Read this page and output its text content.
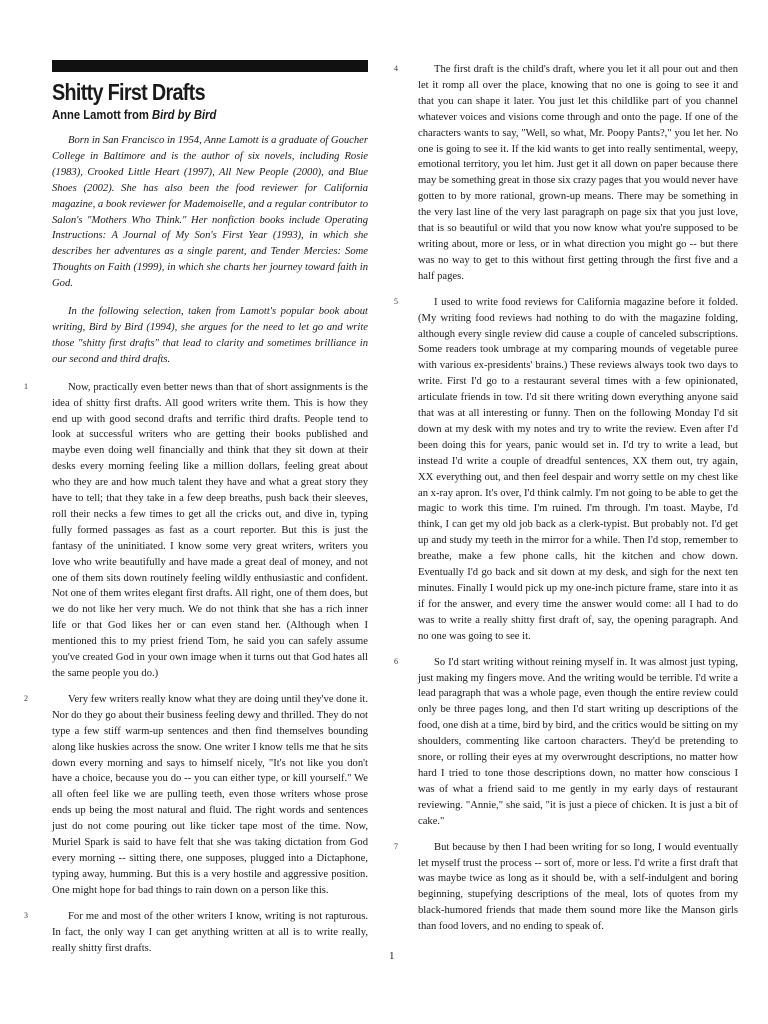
Shitty First Drafts
Anne Lamott from Bird by Bird

Born in San Francisco in 1954, Anne Lamott is a graduate of Goucher College in Baltimore and is the author of six novels, including Rosie (1983), Crooked Little Heart (1997), All New People (2000), and Blue Shoes (2002). She has also been the food reviewer for California magazine, a book reviewer for Mademoiselle, and a regular contributor to Salon's "Mothers Who Think." Her nonfiction books include Operating Instructions: A Journal of My Son's First Year (1993), in which she describes her adventures as a single parent, and Tender Mercies: Some Thoughts on Faith (1999), in which she charts her journey toward faith in God.

In the following selection, taken from Lamott's popular book about writing, Bird by Bird (1994), she argues for the need to let go and write those "shitty first drafts" that lead to clarity and sometimes brilliance in our second and third drafts.

1	Now, practically even better news than that of short assignments is the idea of shitty first drafts. All good writers write them. This is how they end up with good second drafts and terrific third drafts. People tend to look at successful writers who are getting their books published and maybe even doing well financially and think that they sit down at their desks every morning feeling like a million dollars, feeling great about who they are and how much talent they have and what a great story they have to tell; that they take in a few deep breaths, push back their sleeves, roll their necks a few times to get all the cricks out, and dive in, typing fully formed passages as fast as a court reporter. But this is just the fantasy of the uninitiated. I know some very great writers, writers you love who write beautifully and have made a great deal of money, and not one of them sits down routinely feeling wildly enthusiastic and confident. Not one of them writes elegant first drafts. All right, one of them does, but we do not like her very much. We do not think that she has a rich inner life or that God likes her or can even stand her. (Although when I mentioned this to my priest friend Tom, he said you can safely assume you've created God in your own image when it turns out that God hates all the same people you do.)

2	Very few writers really know what they are doing until they've done it. Nor do they go about their business feeling dewy and thrilled. They do not type a few stiff warm-up sentences and then find themselves bounding along like huskies across the snow. One writer I know tells me that he sits down every morning and says to himself nicely, "It's not like you don't have a choice, because you do -- you can either type, or kill yourself." We all often feel like we are pulling teeth, even those writers whose prose ends up being the most natural and fluid. The right words and sentences just do not come pouring out like ticker tape most of the time. Now, Muriel Spark is said to have felt that she was taking dictation from God every morning -- sitting there, one supposes, plugged into a Dictaphone, typing away, humming. But this is a very hostile and aggressive position. One might hope for bad things to rain down on a person like this.

3	For me and most of the other writers I know, writing is not rapturous. In fact, the only way I can get anything written at all is to write really, really shitty first drafts.

4	The first draft is the child's draft, where you let it all pour out and then let it romp all over the place, knowing that no one is going to see it and that you can shape it later. You just let this childlike part of you channel whatever voices and visions come through and onto the page. If one of the characters wants to say, "Well, so what, Mr. Poopy Pants?," you let her. No one is going to see it. If the kid wants to get into really sentimental, weepy, emotional territory, you let him. Just get it all down on paper because there may be something great in those six crazy pages that you would never have gotten to by more rational, grown-up means. There may be something in the very last line of the very last paragraph on page six that you just love, that is so beautiful or wild that you now know what you're supposed to be writing about, more or less, or in what direction you might go -- but there was no way to get to this without first getting through the first five and a half pages.

5	I used to write food reviews for California magazine before it folded. (My writing food reviews had nothing to do with the magazine folding, although every single review did cause a couple of canceled subscriptions. Some readers took umbrage at my comparing mounds of vegetable puree with various ex-presidents' brains.) These reviews always took two days to write. First I'd go to a restaurant several times with a few opinionated, articulate friends in tow. I'd sit there writing down everything anyone said that was at all interesting or funny. Then on the following Monday I'd sit down at my desk with my notes and try to write the review. Even after I'd been doing this for years, panic would set in. I'd try to write a lead, but instead I'd write a couple of dreadful sentences, XX them out, try again, XX everything out, and then feel despair and worry settle on my chest like an x-ray apron. It's over, I'd think calmly. I'm not going to be able to get the magic to work this time. I'm ruined. I'm through. I'm toast. Maybe, I'd think, I can get my old job back as a clerk-typist. But probably not. I'd get up and study my teeth in the mirror for a while. Then I'd stop, remember to breathe, make a few phone calls, hit the kitchen and chow down. Eventually I'd go back and sit down at my desk, and sigh for the next ten minutes. Finally I would pick up my one-inch picture frame, stare into it as if for the answer, and every time the answer would come: all I had to do was to write a really shitty first draft of, say, the opening paragraph. And no one was going to see it.

6	So I'd start writing without reining myself in. It was almost just typing, just making my fingers move. And the writing would be terrible. I'd write a lead paragraph that was a whole page, even though the entire review could only be three pages long, and then I'd start writing up descriptions of the food, one dish at a time, bird by bird, and the critics would be sitting on my shoulders, commenting like cartoon characters. They'd be pretending to snore, or rolling their eyes at my overwrought descriptions, no matter how hard I tried to tone those descriptions down, no matter how conscious I was of what a friend said to me gently in my early days of restaurant reviewing. "Annie," she said, "it is just a piece of chicken. It is just a bit of cake."

7	But because by then I had been writing for so long, I would eventually let myself trust the process -- sort of, more or less. I'd write a first draft that was maybe twice as long as it should be, with a self-indulgent and boring beginning, stupefying descriptions of the meal, lots of quotes from my black-humored friends that made them sound more like the Manson girls than food lovers, and no ending to speak of.

1
